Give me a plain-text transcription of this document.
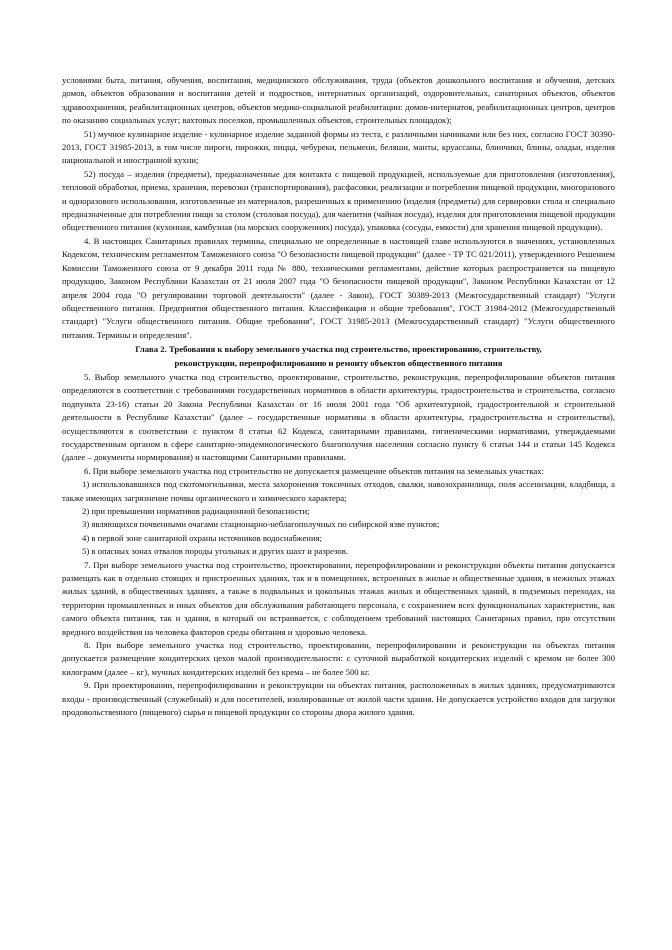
условиями быта, питания, обучения, воспитания, медицинского обслуживания, труда (объектов дошкольного воспитания и обучения, детских домов, объектов образования и воспитания детей и подростков, интернатных организаций, оздоровительных, санаторных объектов, объектов здравоохранения, реабилитационных центров, объектов медико-социальной реабилитации: домов-интернатов, реабилитационных центров, центров по оказанию социальных услуг; вахтовых поселков, промышленных объектов, строительных площадок);

51) мучное кулинарное изделие - кулинарное изделие заданной формы из теста, с различными начинками или без них, согласно ГОСТ 30390-2013, ГОСТ 31985-2013, в том числе пироги, пирожки, пицца, чебуреки, пельмени, беляши, манты, круассаны, блинчики, блины, оладьи, изделия национальной и иностранной кухни;

52) посуда – изделия (предметы), предназначенные для контакта с пищевой продукцией, используемые для приготовления (изготовления), тепловой обработки, приема, хранения, перевозки (транспортирования), расфасовки, реализации и потребления пищевой продукции, многоразового и одноразового использования, изготовленные из материалов, разрешенных к применению (изделия (предметы) для сервировки стола и специально предназначенные для потребления пищи за столом (столовая посуда), для чаепития (чайная посуда), изделия для приготовления пищевой продукции общественного питания (кухонная, камбузная (на морских сооружениях) посуда), упаковка (сосуды, емкости) для хранения пищевой продукции).

4. В настоящих Санитарных правилах термины, специально не определенные в настоящей главе используются в значениях, установленных Кодексом, техническим регламентом Таможенного союза "О безопасности пищевой продукции" (далее - ТР ТС 021/2011), утвержденного Решением Комиссии Таможенного союза от 9 декабря 2011 года № 880, техническими регламентами, действие которых распространяется на пищевую продукцию, Законом Республики Казахстан от 21 июля 2007 года "О безопасности пищевой продукции", Законом Республики Казахстан от 12 апреля 2004 года "О регулировании торговой деятельности" (далее - Закон), ГОСТ 30389-2013 (Межгосударственный стандарт) "Услуги общественного питания. Предприятия общественного питания. Классификация и общие требования", ГОСТ 31984-2012 (Межгосударственный стандарт) "Услуги общественного питания. Общие требования", ГОСТ 31985-2013 (Межгосударственный стандарт) "Услуги общественного питания. Термины и определения".

Глава 2. Требования к выбору земельного участка под строительство, проектированию, строительству,
реконструкции, перепрофилированию и ремонту объектов общественного питания

5. Выбор земельного участка под строительство, проектирование, строительство, реконструкция, перепрофилирование объектов питания определяются в соответствии с требованиями государственных нормативов в области архитектуры, градостроительства и строительства, согласно подпункта 23-16) статьи 20 Закона Республики Казахстан от 16 июля 2001 года "Об архитектурной, градостроительной и строительной деятельности в Республике Казахстан" (далее – государственные нормативы в области архитектуры, градостроительства и строительства), осуществляются в соответствии с пунктом 8 статьи 62 Кодекса, санитарными правилами, гигиеническими нормативами, утверждаемыми государственным органом в сфере санитарно-эпидемиологического благополучия населения согласно пункту 6 статьи 144 и статьи 145 Кодекса (далее – документы нормирования) и настоящими Санитарными правилами.

6. При выборе земельного участка под строительство не допускается размещение объектов питания на земельных участках:

1) использовавшихся под скотомогильники, места захоронения токсичных отходов, свалки, навозохранилища, поля ассенизации, кладбища, а также имеющих загрязнение почвы органического и химического характера;

2) при превышении нормативов радиационной безопасности;

3) являющихся почвенными очагами стационарно-неблагополучных по сибирской язве пунктов;

4) в первой зоне санитарной охраны источников водоснабжения;

5) в опасных зонах отвалов породы угольных и других шахт и разрезов.

7. При выборе земельного участка под строительство, проектировании, перепрофилировании и реконструкции объекты питания допускается размещать как в отдельно стоящих и пристроенных зданиях, так и в помещениях, встроенных в жилые и общественные здания, в нежилых этажах жилых зданий, в общественных зданиях, а также в подвальных и цокольных этажах жилых и общественных зданий, в подземных переходах, на территории промышленных и иных объектов для обслуживания работающего персонала, с сохранением всех функциональных характеристик, как самого объекта питания, так и здания, в который он встраивается, с соблюдением требований настоящих Санитарных правил, при отсутствии вредного воздействия на человека факторов среды обитания и здоровью человека.

8. При выборе земельного участка под строительство, проектировании, перепрофилировании и реконструкции на объектах питания допускается размещение кондитерских цехов малой производительности: с суточной выработкой кондитерских изделий с кремом не более 300 килограмм (далее – кг), мучных кондитерских изделий без крема – не более 500 кг.

9. При проектировании, перепрофилировании и реконструкции на объектах питания, расположенных в жилых зданиях, предусматриваются входы - производственный (служебный) и для посетителей, изолированные от жилой части здания. Не допускается устройство входов для загрузки продовольственного (пищевого) сырья и пищевой продукции со стороны двора жилого здания.
